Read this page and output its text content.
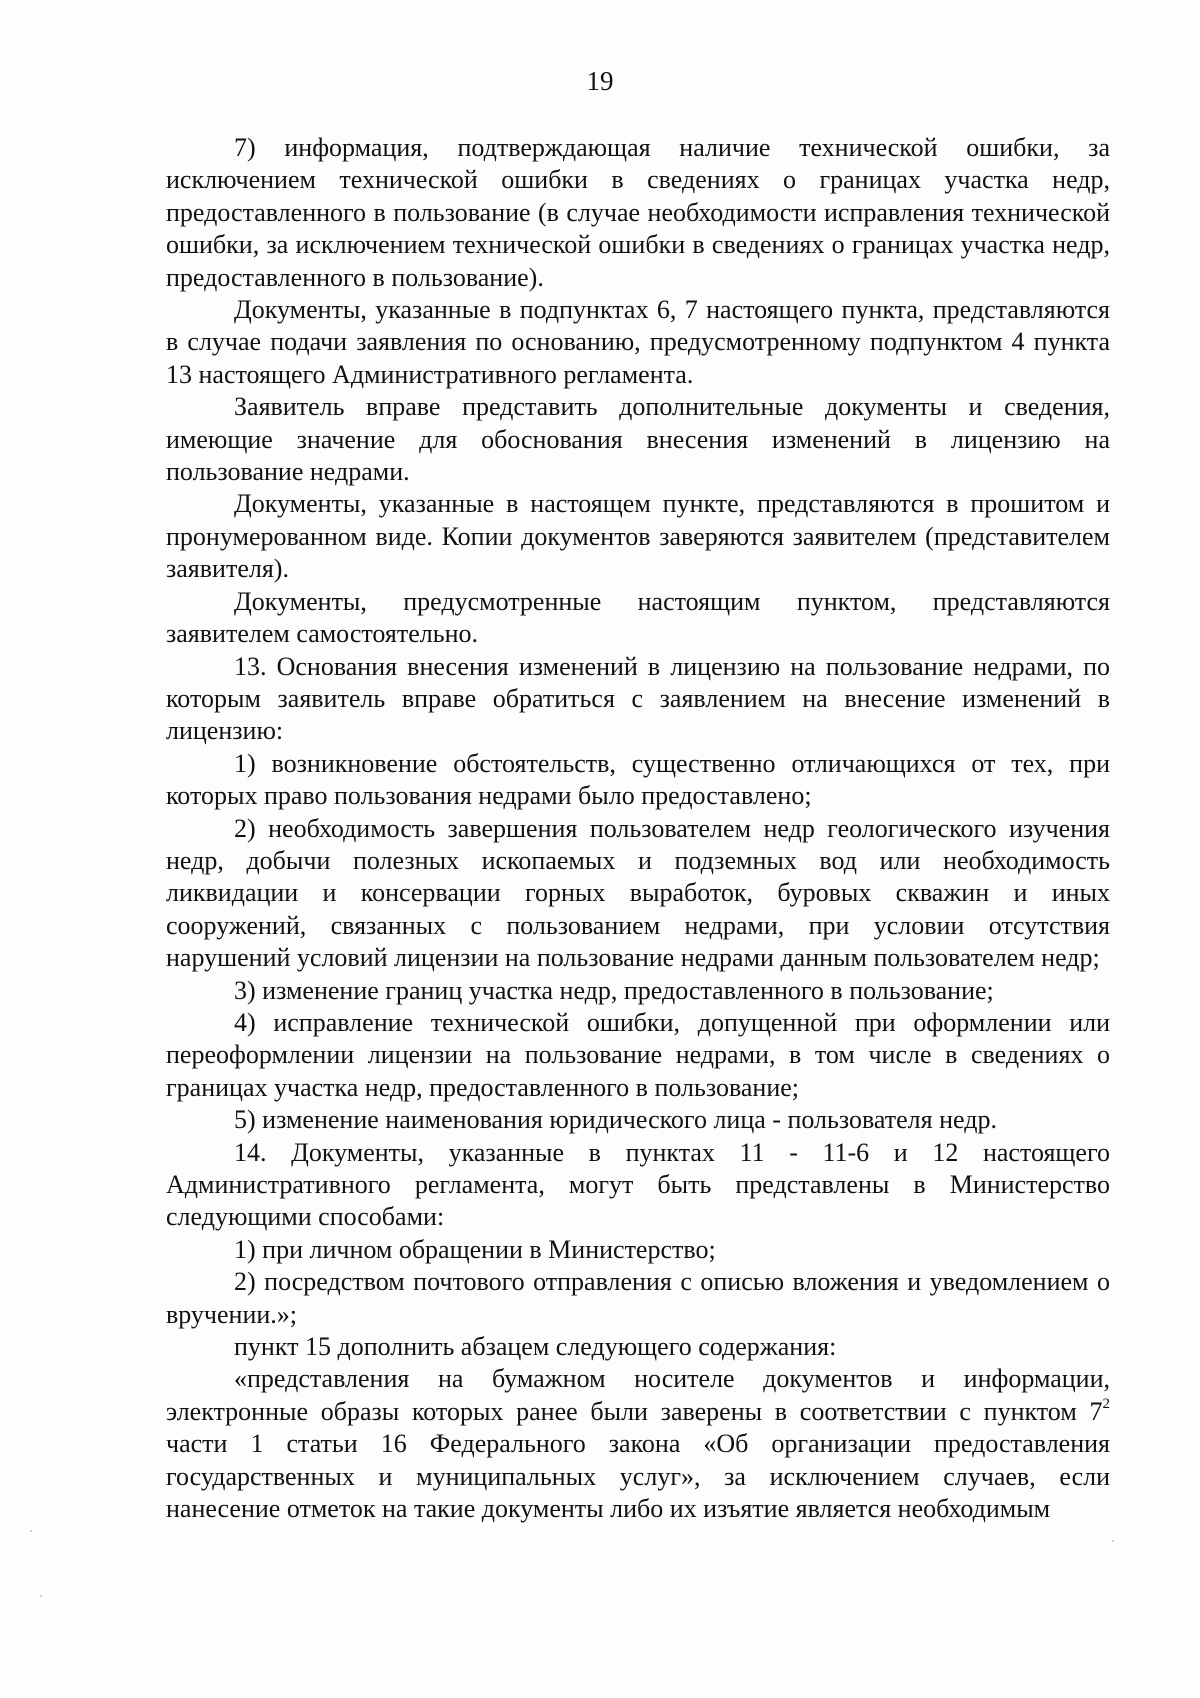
19

7) информация, подтверждающая наличие технической ошибки, за исключением технической ошибки в сведениях о границах участка недр, предоставленного в пользование (в случае необходимости исправления технической ошибки, за исключением технической ошибки в сведениях о границах участка недр, предоставленного в пользование).

Документы, указанные в подпунктах 6, 7 настоящего пункта, представляются в случае подачи заявления по основанию, предусмотренному подпунктом 4 пункта 13 настоящего Административного регламента.

Заявитель вправе представить дополнительные документы и сведения, имеющие значение для обоснования внесения изменений в лицензию на пользование недрами.

Документы, указанные в настоящем пункте, представляются в прошитом и пронумерованном виде. Копии документов заверяются заявителем (представителем заявителя).

Документы, предусмотренные настоящим пунктом, представляются заявителем самостоятельно.

13. Основания внесения изменений в лицензию на пользование недрами, по которым заявитель вправе обратиться с заявлением на внесение изменений в лицензию:

1) возникновение обстоятельств, существенно отличающихся от тех, при которых право пользования недрами было предоставлено;

2) необходимость завершения пользователем недр геологического изучения недр, добычи полезных ископаемых и подземных вод или необходимость ликвидации и консервации горных выработок, буровых скважин и иных сооружений, связанных с пользованием недрами, при условии отсутствия нарушений условий лицензии на пользование недрами данным пользователем недр;

3) изменение границ участка недр, предоставленного в пользование;

4) исправление технической ошибки, допущенной при оформлении или переоформлении лицензии на пользование недрами, в том числе в сведениях о границах участка недр, предоставленного в пользование;

5) изменение наименования юридического лица - пользователя недр.

14. Документы, указанные в пунктах 11 - 11-6 и 12 настоящего Административного регламента, могут быть представлены в Министерство следующими способами:

1) при личном обращении в Министерство;

2) посредством почтового отправления с описью вложения и уведомлением о вручении.»;

пункт 15 дополнить абзацем следующего содержания:

«представления на бумажном носителе документов и информации, электронные образы которых ранее были заверены в соответствии с пунктом $7^2$ части 1 статьи 16 Федерального закона «Об организации предоставления государственных и муниципальных услуг», за исключением случаев, если нанесение отметок на такие документы либо их изъятие является необходимым
